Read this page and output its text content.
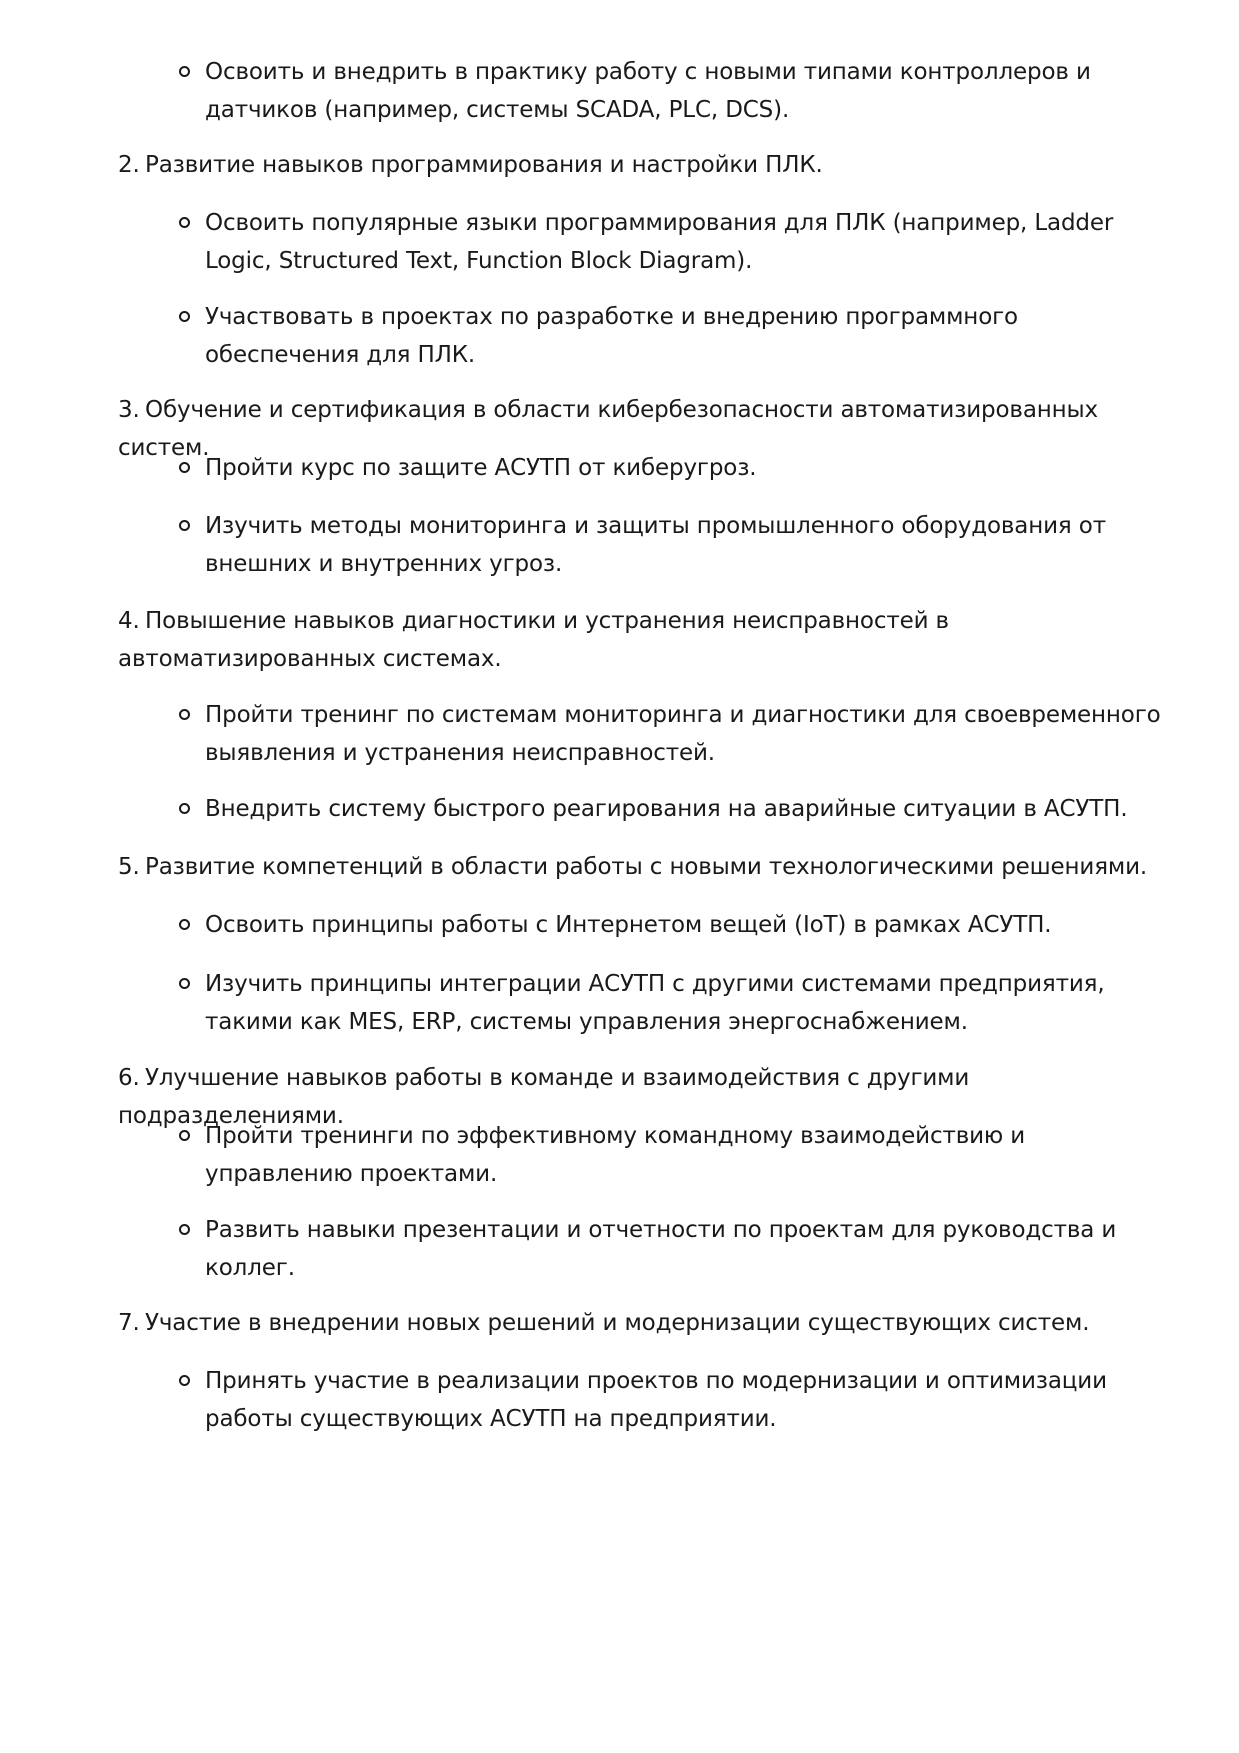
Освоить и внедрить в практику работу с новыми типами контроллеров и датчиков (например, системы SCADA, PLC, DCS).

2. Развитие навыков программирования и настройки ПЛК.

Освоить популярные языки программирования для ПЛК (например, Ladder Logic, Structured Text, Function Block Diagram).

Участвовать в проектах по разработке и внедрению программного обеспечения для ПЛК.

3. Обучение и сертификация в области кибербезопасности автоматизированных систем.

Пройти курс по защите АСУТП от киберугроз.

Изучить методы мониторинга и защиты промышленного оборудования от внешних и внутренних угроз.

4. Повышение навыков диагностики и устранения неисправностей в автоматизированных системах.

Пройти тренинг по системам мониторинга и диагностики для своевременного выявления и устранения неисправностей.

Внедрить систему быстрого реагирования на аварийные ситуации в АСУТП.

5. Развитие компетенций в области работы с новыми технологическими решениями.

Освоить принципы работы с Интернетом вещей (IoT) в рамках АСУТП.

Изучить принципы интеграции АСУТП с другими системами предприятия, такими как MES, ERP, системы управления энергоснабжением.

6. Улучшение навыков работы в команде и взаимодействия с другими подразделениями.

Пройти тренинги по эффективному командному взаимодействию и управлению проектами.

Развить навыки презентации и отчетности по проектам для руководства и коллег.

7. Участие в внедрении новых решений и модернизации существующих систем.

Принять участие в реализации проектов по модернизации и оптимизации работы существующих АСУТП на предприятии.
